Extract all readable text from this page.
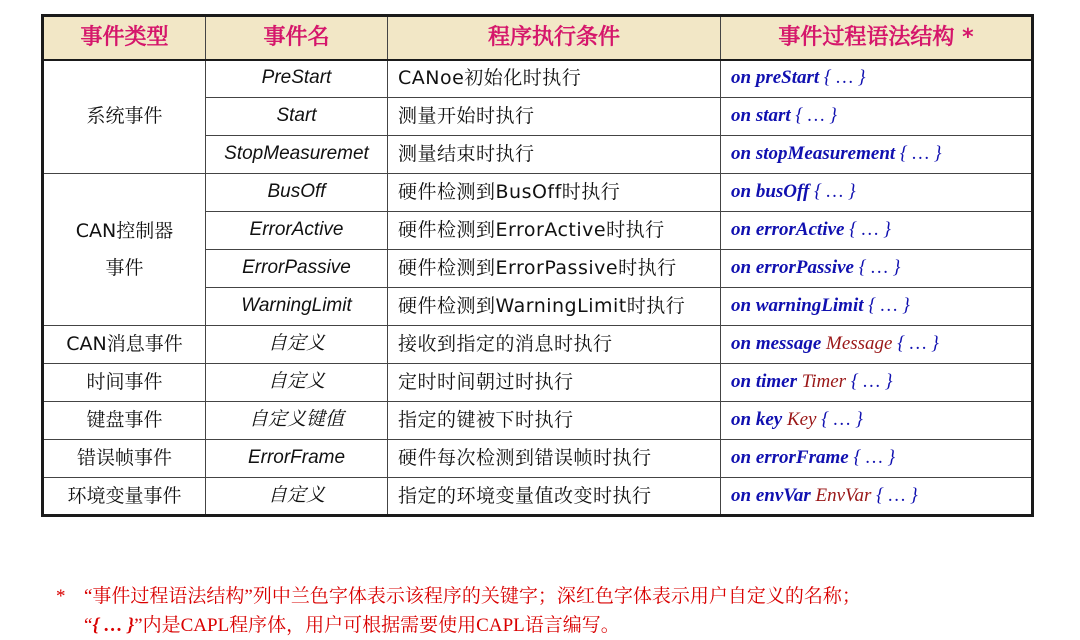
事件类型	事件名	程序执行条件	事件过程语法结构 *
系统事件	PreStart	CANoe初始化时执行	on preStart { … }
	Start	测量开始时执行	on start { … }
	StopMeasuremet	测量结束时执行	on stopMeasurement { … }

CAN控制器
事件	BusOff	硬件检测到BusOff时执行	on busOff { … }
	ErrorActive	硬件检测到ErrorActive时执行	on errorActive { … }
	ErrorPassive	硬件检测到ErrorPassive时执行	on errorPassive { … }
	WarningLimit	硬件检测到WarningLimit时执行	on warningLimit { … }
CAN消息事件	自定义	接收到指定的消息时执行	on message Message { … }
时间事件	自定义	定时时间朝过时执行	on timer Timer { … }
键盘事件	自定义键值	指定的键被下时执行	on key Key { … }
错误帧事件	ErrorFrame	硬件每次检测到错误帧时执行	on errorFrame { … }
环境变量事件	自定义	指定的环境变量值改变时执行	on envVar EnvVar { … }
* “事件过程语法结构”列中兰色字体表示该程序的关键字；深红色字体表示用户自定义的名称；
“{ … }”内是CAPL程序体，用户可根据需要使用CAPL语言编写。
